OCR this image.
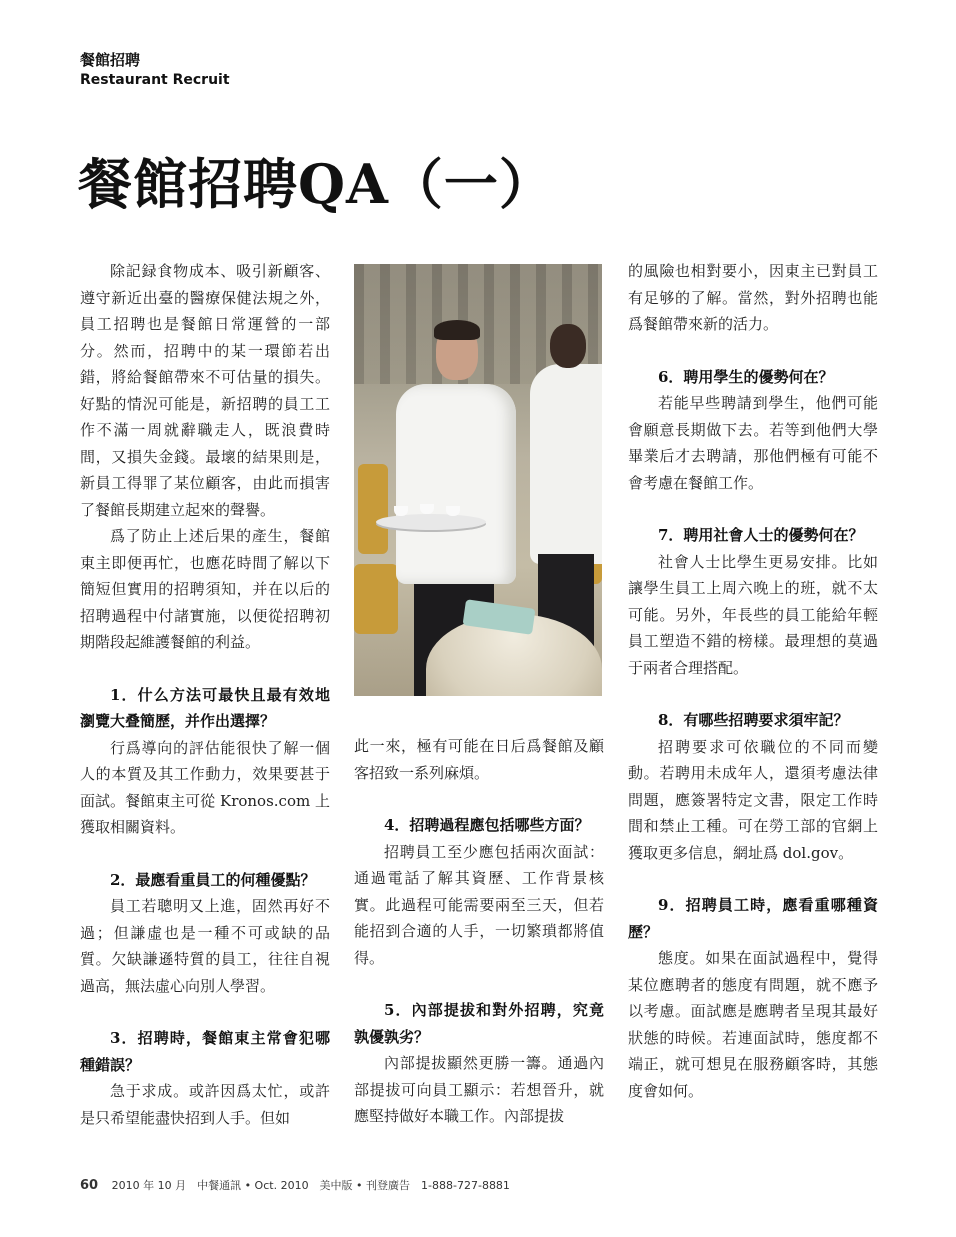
餐館招聘
Restaurant Recruit
餐館招聘QA（一）

除記録食物成本、吸引新顧客、遵守新近出臺的醫療保健法規之外，員工招聘也是餐館日常運營的一部分。然而，招聘中的某一環節若出錯，將給餐館帶來不可估量的損失。好點的情況可能是，新招聘的員工工作不滿一周就辭職走人，既浪費時間，又損失金錢。最壞的結果則是，新員工得罪了某位顧客，由此而損害了餐館長期建立起來的聲譽。

爲了防止上述后果的產生，餐館東主即便再忙，也應花時間了解以下簡短但實用的招聘須知，并在以后的招聘過程中付諸實施，以便從招聘初期階段起維護餐館的利益。

1．什么方法可最快且最有效地瀏覽大叠簡歷，并作出選擇？

行爲導向的評估能很快了解一個人的本質及其工作動力，效果要甚于面試。餐館東主可從 Kronos.com 上獲取相關資料。

2．最應看重員工的何種優點？

員工若聰明又上進，固然再好不過；但謙虛也是一種不可或缺的品質。欠缺謙遜特質的員工，往往自視過高，無法虛心向別人學習。

3．招聘時，餐館東主常會犯哪種錯誤？

急于求成。或許因爲太忙，或許是只希望能盡快招到人手。但如

此一來，極有可能在日后爲餐館及顧客招致一系列麻煩。

4．招聘過程應包括哪些方面？

招聘員工至少應包括兩次面試：通過電話了解其資歷、工作背景核實。此過程可能需要兩至三天，但若能招到合適的人手，一切繁瑣都將值得。

5．內部提拔和對外招聘，究竟孰優孰劣？

內部提拔顯然更勝一籌。通過內部提拔可向員工顯示：若想晉升，就應堅持做好本職工作。內部提拔

的風險也相對要小，因東主已對員工有足够的了解。當然，對外招聘也能爲餐館帶來新的活力。

6．聘用學生的優勢何在？

若能早些聘請到學生，他們可能會願意長期做下去。若等到他們大學畢業后才去聘請，那他們極有可能不會考慮在餐館工作。

7．聘用社會人士的優勢何在？

社會人士比學生更易安排。比如讓學生員工上周六晚上的班，就不太可能。另外，年長些的員工能給年輕員工塑造不錯的榜樣。最理想的莫過于兩者合理搭配。

8．有哪些招聘要求須牢記？

招聘要求可依職位的不同而變動。若聘用未成年人，還須考慮法律問題，應簽署特定文書，限定工作時間和禁止工種。可在勞工部的官網上獲取更多信息，網址爲 dol.gov。

9．招聘員工時，應看重哪種資歷？

態度。如果在面試過程中，覺得某位應聘者的態度有問題，就不應予以考慮。面試應是應聘者呈現其最好狀態的時候。若連面試時，態度都不端正，就可想見在服務顧客時，其態度會如何。

60 2010 年 10 月　中餐通訊 • Oct. 2010　美中版 • 刊登廣告　1-888-727-8881
